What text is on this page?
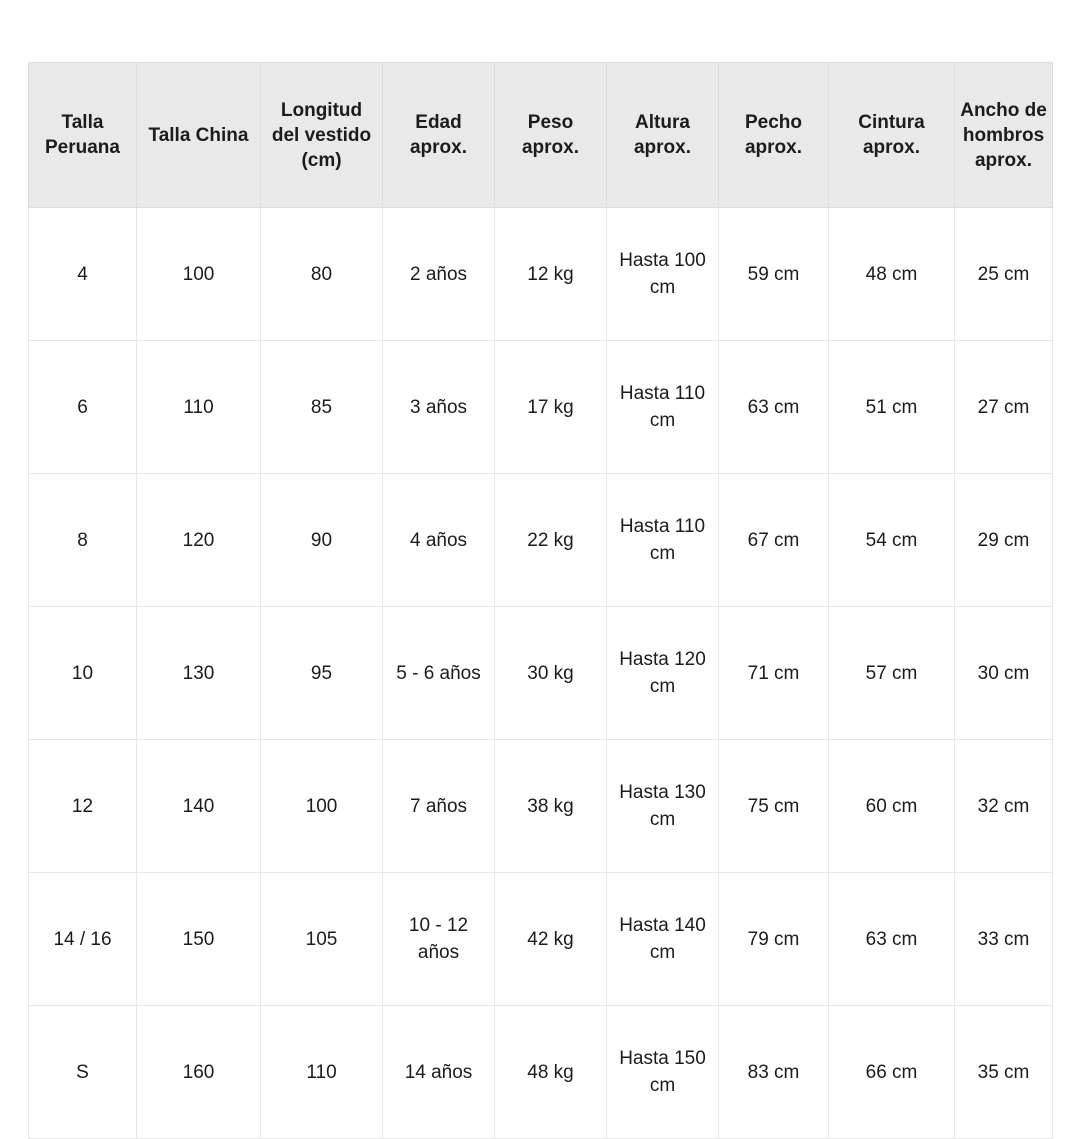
Talla Peruana	Talla China	Longitud del vestido (cm)	Edad aprox.	Peso aprox.	Altura aprox.	Pecho aprox.	Cintura aprox.	Ancho de hombros aprox.
4	100	80	2 años	12 kg	Hasta 100 cm	59 cm	48 cm	25 cm
6	110	85	3 años	17 kg	Hasta 110 cm	63 cm	51 cm	27 cm
8	120	90	4 años	22 kg	Hasta 110 cm	67 cm	54 cm	29 cm
10	130	95	5 - 6 años	30 kg	Hasta 120 cm	71 cm	57 cm	30 cm
12	140	100	7 años	38 kg	Hasta 130 cm	75 cm	60 cm	32 cm
14 / 16	150	105	10 - 12 años	42 kg	Hasta 140 cm	79 cm	63 cm	33 cm
S	160	110	14 años	48 kg	Hasta 150 cm	83 cm	66 cm	35 cm
